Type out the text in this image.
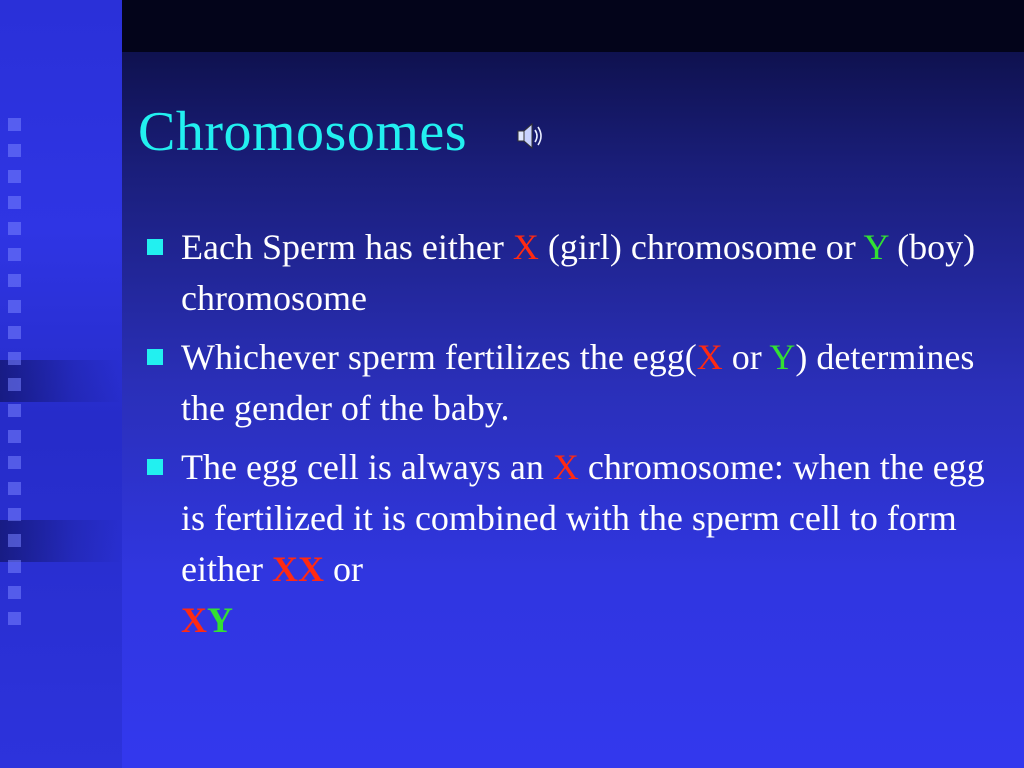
Chromosomes
Each Sperm has either X (girl) chromosome or Y (boy) chromosome
Whichever sperm fertilizes the egg(X or Y) determines the gender of the baby.
The egg cell is always an X chromosome: when the egg is fertilized it is combined with the sperm cell to form either XX or
XY
